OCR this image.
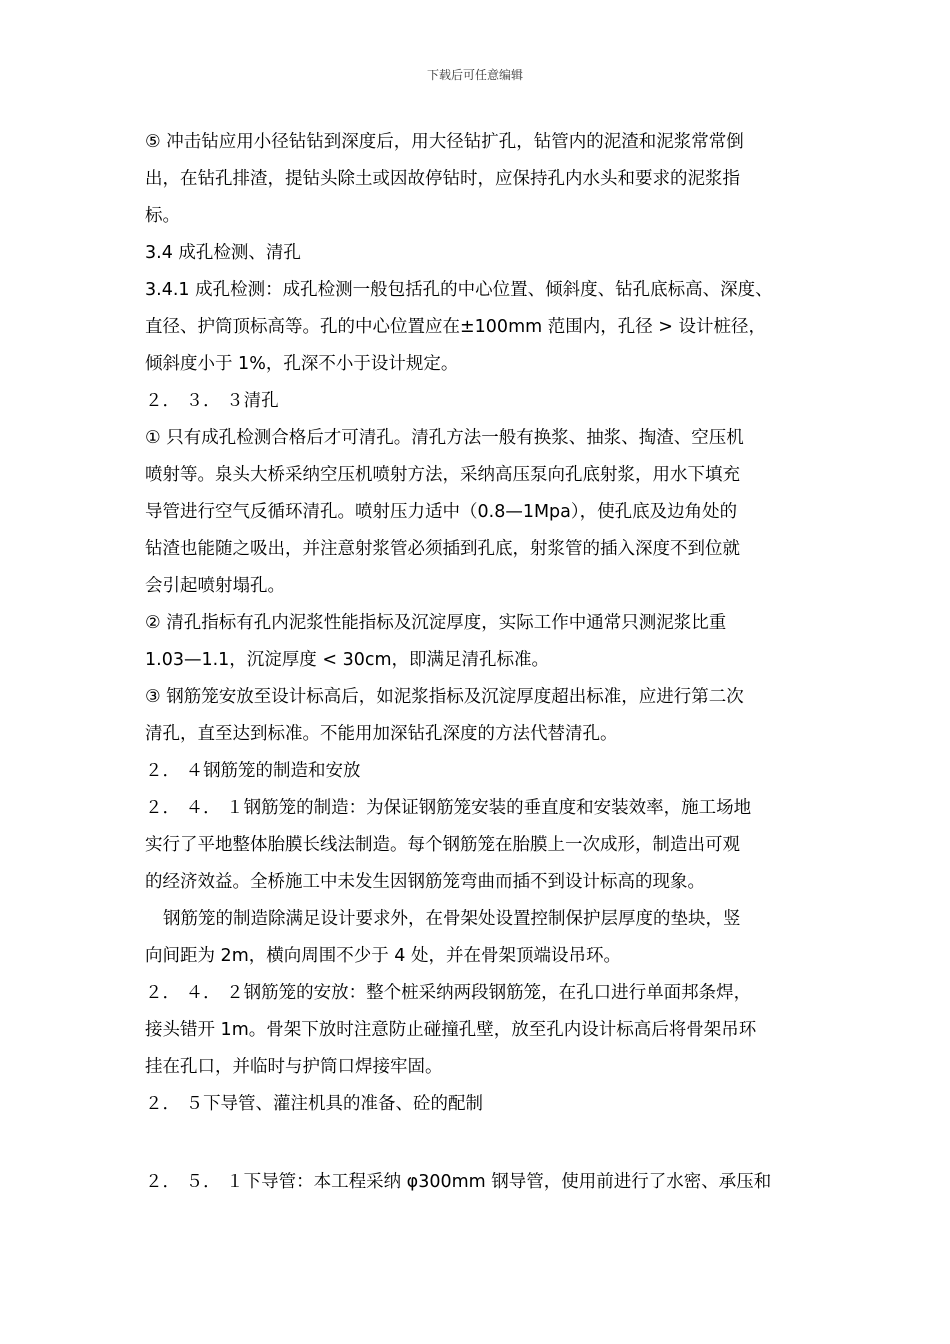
下载后可任意编辑
⑤ 冲击钻应用小径钻钻到深度后，用大径钻扩孔，钻管内的泥渣和泥浆常常倒
出，在钻孔排渣，提钻头除土或因故停钻时，应保持孔内水头和要求的泥浆指
标。
3.4 成孔检测、清孔
3.4.1 成孔检测：成孔检测一般包括孔的中心位置、倾斜度、钻孔底标高、深度、
直径、护筒顶标高等。孔的中心位置应在±100mm 范围内，孔径 > 设计桩径，
倾斜度小于 1%，孔深不小于设计规定。
２． ３． ３清孔
① 只有成孔检测合格后才可清孔。清孔方法一般有换浆、抽浆、掏渣、空压机
喷射等。泉头大桥采纳空压机喷射方法，采纳高压泵向孔底射浆，用水下填充
导管进行空气反循环清孔。喷射压力适中（0.8—1Mpa），使孔底及边角处的
钻渣也能随之吸出，并注意射浆管必须插到孔底，射浆管的插入深度不到位就
会引起喷射塌孔。
② 清孔指标有孔内泥浆性能指标及沉淀厚度，实际工作中通常只测泥浆比重
1.03—1.1，沉淀厚度 < 30cm，即满足清孔标准。
③ 钢筋笼安放至设计标高后，如泥浆指标及沉淀厚度超出标准，应进行第二次
清孔，直至达到标准。不能用加深钻孔深度的方法代替清孔。
２． ４钢筋笼的制造和安放
２． ４． １钢筋笼的制造：为保证钢筋笼安装的垂直度和安装效率，施工场地
实行了平地整体胎膜长线法制造。每个钢筋笼在胎膜上一次成形，制造出可观
的经济效益。全桥施工中未发生因钢筋笼弯曲而插不到设计标高的现象。
钢筋笼的制造除满足设计要求外，在骨架处设置控制保护层厚度的垫块，竖
向间距为 2m，横向周围不少于 4 处，并在骨架顶端设吊环。
２． ４． ２钢筋笼的安放：整个桩采纳两段钢筋笼，在孔口进行单面邦条焊，
接头错开 1m。骨架下放时注意防止碰撞孔壁，放至孔内设计标高后将骨架吊环
挂在孔口，并临时与护筒口焊接牢固。
２． ５下导管、灌注机具的准备、砼的配制
２． ５． １下导管：本工程采纳 φ300mm 钢导管，使用前进行了水密、承压和
